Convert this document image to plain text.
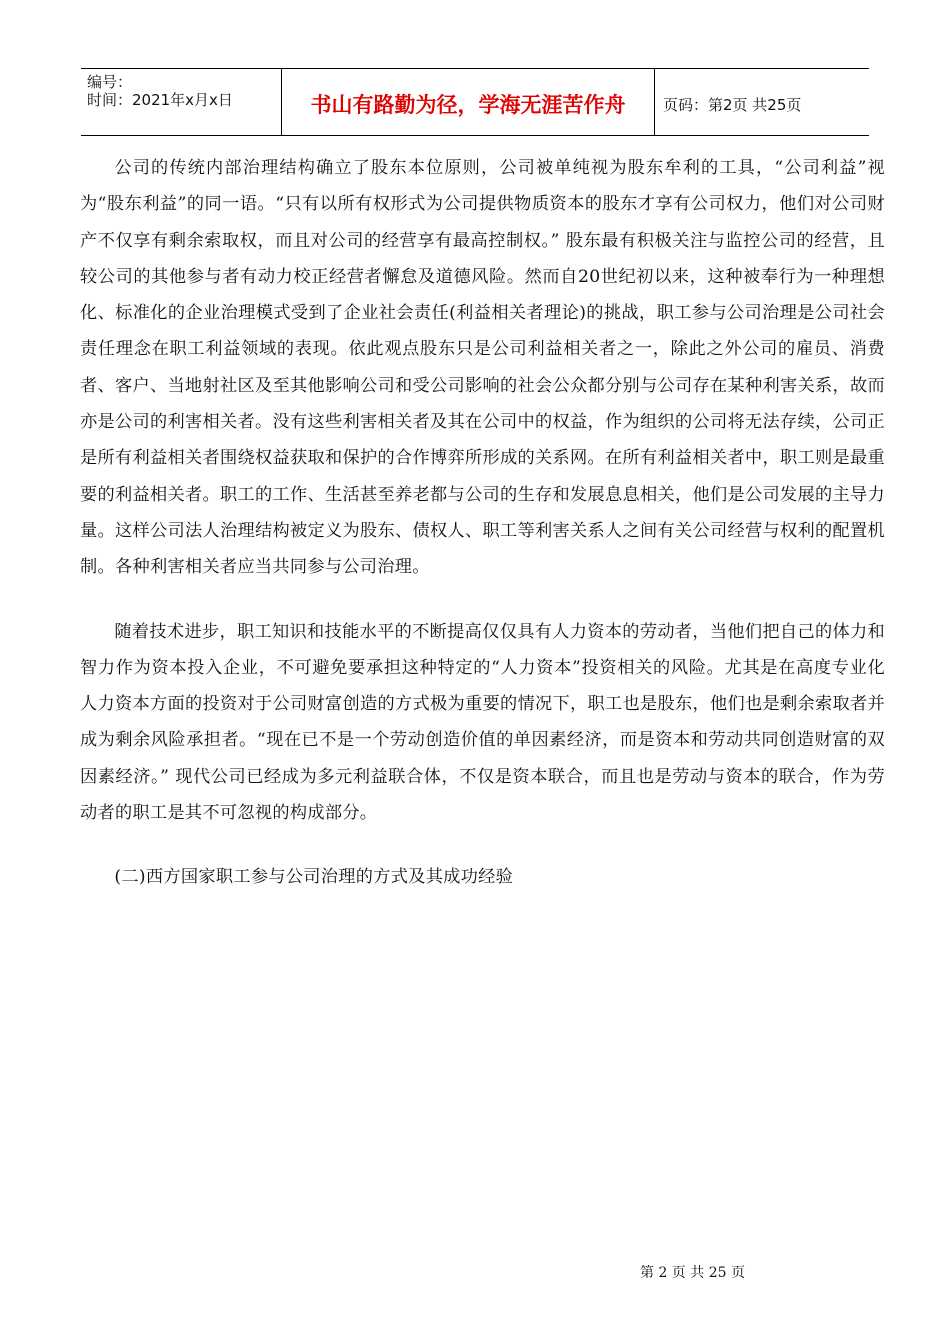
编号：
时间：2021年x月x日	书山有路勤为径，学海无涯苦作舟	页码：第2页 共25页

公司的传统内部治理结构确立了股东本位原则，公司被单纯视为股东牟利的工具，“公司利益”视为“股东利益”的同一语。“只有以所有权形式为公司提供物质资本的股东才享有公司权力，他们对公司财产不仅享有剩余索取权，而且对公司的经营享有最高控制权。” 股东最有积极关注与监控公司的经营，且较公司的其他参与者有动力校正经营者懈怠及道德风险。然而自20世纪初以来，这种被奉行为一种理想化、标准化的企业治理模式受到了企业社会责任(利益相关者理论)的挑战，职工参与公司治理是公司社会责任理念在职工利益领域的表现。依此观点股东只是公司利益相关者之一，除此之外公司的雇员、消费者、客户、当地射社区及至其他影响公司和受公司影响的社会公众都分别与公司存在某种利害关系，故而亦是公司的利害相关者。没有这些利害相关者及其在公司中的权益，作为组织的公司将无法存续，公司正是所有利益相关者围绕权益获取和保护的合作博弈所形成的关系网。在所有利益相关者中，职工则是最重要的利益相关者。职工的工作、生活甚至养老都与公司的生存和发展息息相关，他们是公司发展的主导力量。这样公司法人治理结构被定义为股东、债权人、职工等利害关系人之间有关公司经营与权利的配置机制。各种利害相关者应当共同参与公司治理。

随着技术进步，职工知识和技能水平的不断提高仅仅具有人力资本的劳动者，当他们把自己的体力和智力作为资本投入企业，不可避免要承担这种特定的“人力资本”投资相关的风险。尤其是在高度专业化人力资本方面的投资对于公司财富创造的方式极为重要的情况下，职工也是股东，他们也是剩余索取者并成为剩余风险承担者。“现在已不是一个劳动创造价值的单因素经济，而是资本和劳动共同创造财富的双因素经济。” 现代公司已经成为多元利益联合体，不仅是资本联合，而且也是劳动与资本的联合，作为劳动者的职工是其不可忽视的构成部分。

(二)西方国家职工参与公司治理的方式及其成功经验

第 2 页 共 25 页
